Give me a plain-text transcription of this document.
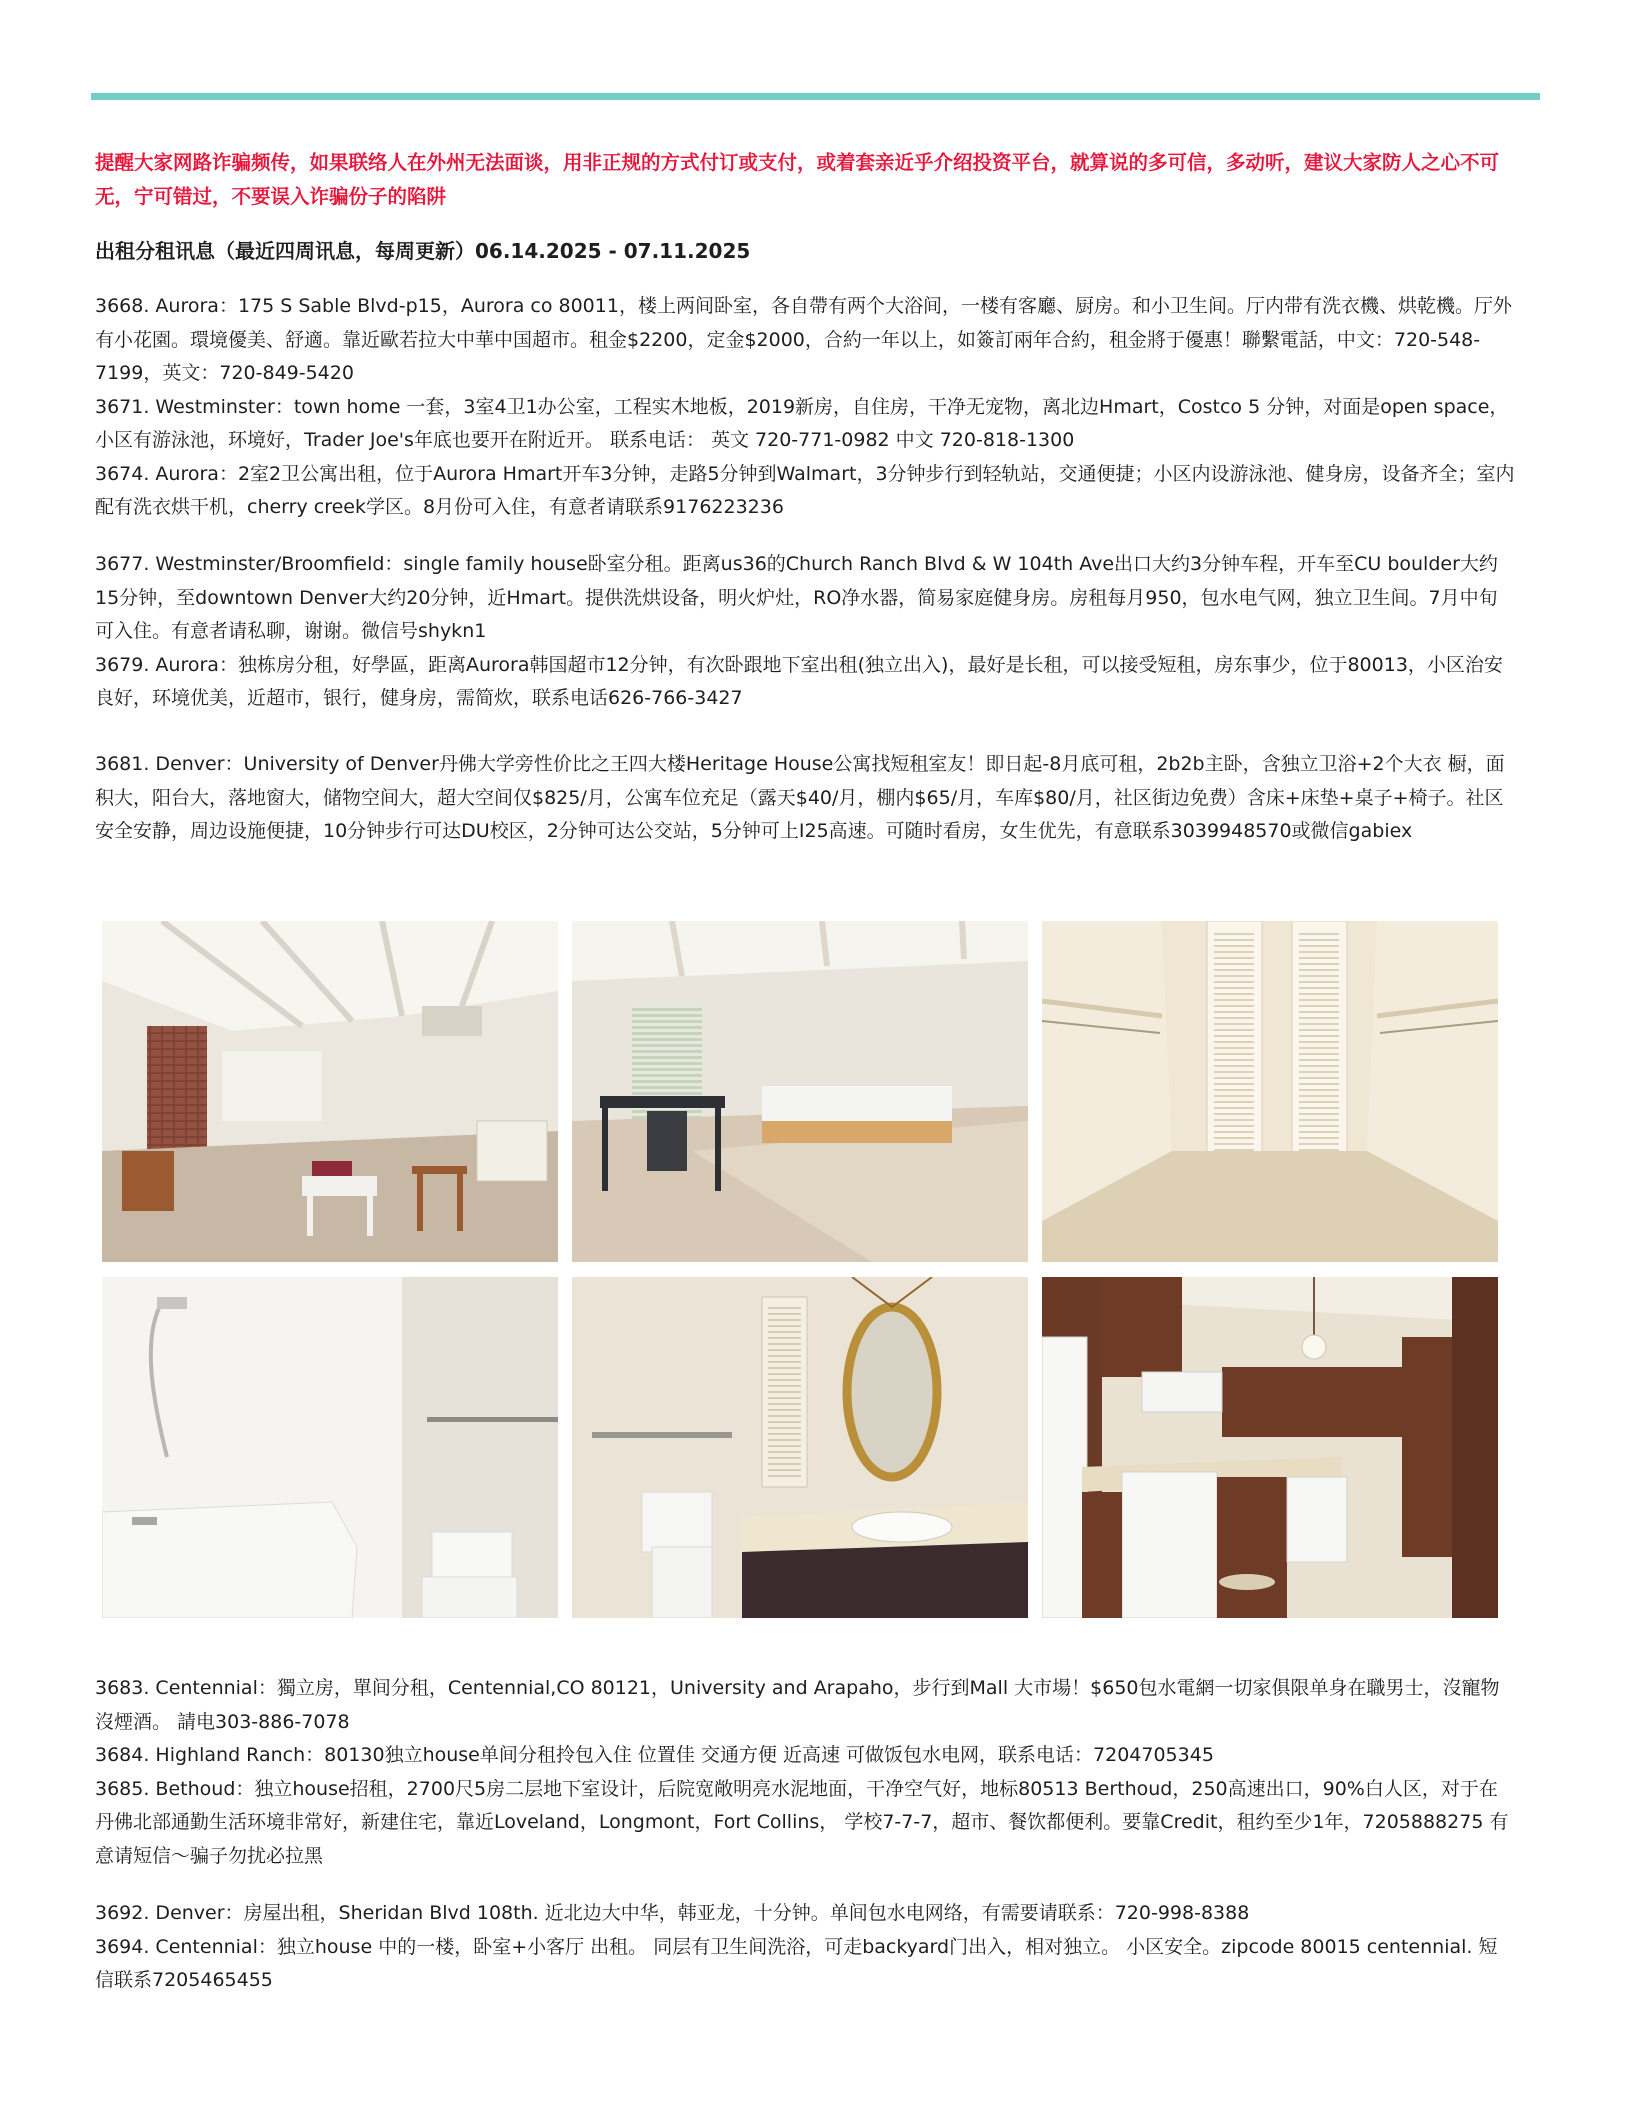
提醒大家网路诈骗频传，如果联络人在外州无法面谈，用非正规的方式付订或支付，或着套亲近乎介绍投资平台，就算说的多可信，多动听，建议大家防人之心不可无，宁可错过，不要误入诈骗份子的陷阱

出租分租讯息（最近四周讯息，每周更新）06.14.2025 - 07.11.2025

3668. Aurora：175 S Sable Blvd-p15，Aurora co 80011，楼上两间卧室，各自帶有两个大浴间，一楼有客廳、厨房。和小卫生间。厅内带有洗衣機、烘乾機。厅外有小花園。環境優美、舒適。靠近歐若拉大中華中国超市。租金$2200，定金$2000，合約一年以上，如簽訂兩年合約，租金將于優惠！聯繫電話，中文：720-548-7199，英文：720-849-5420

3671. Westminster：town home 一套，3室4卫1办公室，工程实木地板，2019新房，自住房，干净无宠物，离北边Hmart，Costco 5 分钟，对面是open space，小区有游泳池，环境好，Trader Joe's年底也要开在附近开。 联系电话： 英文 720-771-0982 中文 720-818-1300

3674. Aurora：2室2卫公寓出租，位于Aurora Hmart开车3分钟，走路5分钟到Walmart，3分钟步行到轻轨站，交通便捷；小区内设游泳池、健身房，设备齐全；室内配有洗衣烘干机，cherry creek学区。8月份可入住，有意者请联系9176223236

3677. Westminster/Broomfield：single family house卧室分租。距离us36的Church Ranch Blvd & W 104th Ave出口大约3分钟车程，开车至CU boulder大约15分钟，至downtown Denver大约20分钟，近Hmart。提供洗烘设备，明火炉灶，RO净水器，简易家庭健身房。房租每月950，包水电气网，独立卫生间。7月中旬可入住。有意者请私聊，谢谢。微信号shykn1

3679. Aurora：独栋房分租，好學區，距离Aurora韩国超市12分钟，有次卧跟地下室出租(独立出入)，最好是长租，可以接受短租，房东事少，位于80013，小区治安良好，环境优美，近超市，银行，健身房，需简炊，联系电话626-766-3427

3681. Denver：University of Denver丹佛大学旁性价比之王四大楼Heritage House公寓找短租室友！即日起-8月底可租，2b2b主卧，含独立卫浴+2个大衣 橱，面积大，阳台大，落地窗大，储物空间大，超大空间仅$825/月，公寓车位充足（露天$40/月，棚内$65/月，车库$80/月，社区街边免费）含床+床垫+桌子+椅子。社区安全安静，周边设施便捷，10分钟步行可达DU校区，2分钟可达公交站，5分钟可上I25高速。可随时看房，女生优先，有意联系3039948570或微信gabiex

3683. Centennial：獨立房，單间分租，Centennial,CO 80121，University and Arapaho，步行到Mall 大市場！$650包水電網一切家俱限单身在職男士，沒寵物 沒煙酒。 請电303-886-7078

3684. Highland Ranch：80130独立house单间分租拎包入住 位置佳 交通方便 近高速 可做饭包水电网，联系电话：7204705345

3685. Bethoud：独立house招租，2700尺5房二层地下室设计，后院宽敞明亮水泥地面，干净空气好，地标80513 Berthoud，250高速出口，90%白人区，对于在丹佛北部通勤生活环境非常好，新建住宅，靠近Loveland，Longmont，Fort Collins， 学校7-7-7，超市、餐饮都便利。要靠Credit，租约至少1年，7205888275 有意请短信～骗子勿扰必拉黑

3692. Denver：房屋出租，Sheridan Blvd 108th. 近北边大中华，韩亚龙，十分钟。单间包水电网络，有需要请联系：720-998-8388

3694. Centennial：独立house 中的一楼，卧室+小客厅 出租。 同层有卫生间洗浴，可走backyard门出入，相对独立。 小区安全。zipcode 80015 centennial. 短信联系7205465455
